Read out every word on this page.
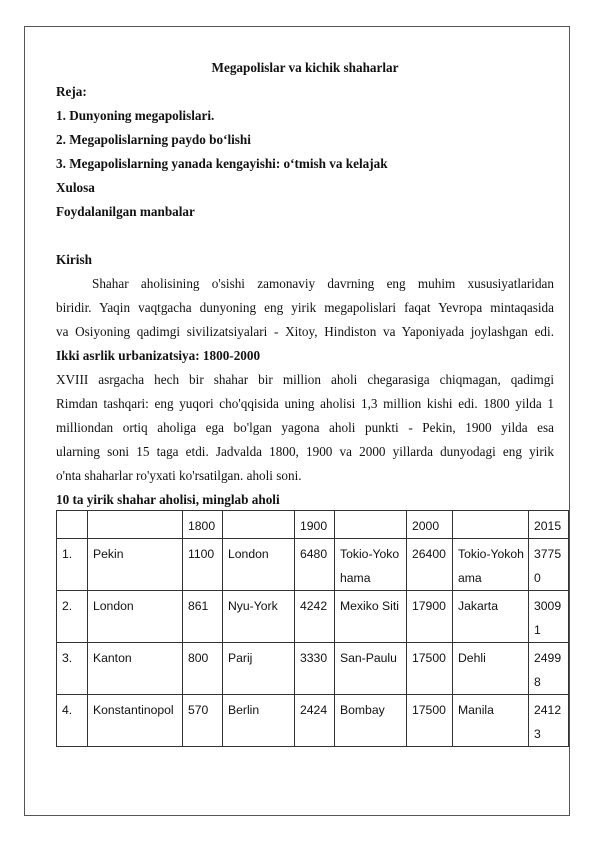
Megapolislar va kichik shaharlar
Reja:
1. Dunyoning megapolislari.
2. Megapolislarning paydo bo‘lishi
3. Megapolislarning yanada kengayishi: o‘tmish va kelajak
Xulosa
Foydalanilgan manbalar
Kirish
Shahar aholisining o'sishi zamonaviy davrning eng muhim xususiyatlaridan
biridir. Yaqin vaqtgacha dunyoning eng yirik megapolislari faqat Yevropa mintaqasida
va Osiyoning qadimgi sivilizatsiyalari - Xitoy, Hindiston va Yaponiyada joylashgan edi.
Ikki asrlik urbanizatsiya: 1800-2000
XVIII asrgacha hech bir shahar bir million aholi chegarasiga chiqmagan, qadimgi
Rimdan tashqari: eng yuqori cho'qqisida uning aholisi 1,3 million kishi edi. 1800 yilda 1
milliondan ortiq aholiga ega bo'lgan yagona aholi punkti - Pekin, 1900 yilda esa
ularning soni 15 taga etdi. Jadvalda 1800, 1900 va 2000 yillarda dunyodagi eng yirik
o'nta shaharlar ro'yxati ko'rsatilgan. aholi soni.
10 ta yirik shahar aholisi, minglab aholi
		1800		1900		2000		2015
1.	Pekin	1100	London	6480	Tokio-Yokohama	26400	Tokio-Yokohama	37750
2.	London	861	Nyu-York	4242	Mexiko Siti	17900	Jakarta	30091
3.	Kanton	800	Parij	3330	San-Paulu	17500	Dehli	24998
4.	Konstantinopol	570	Berlin	2424	Bombay	17500	Manila	24123
